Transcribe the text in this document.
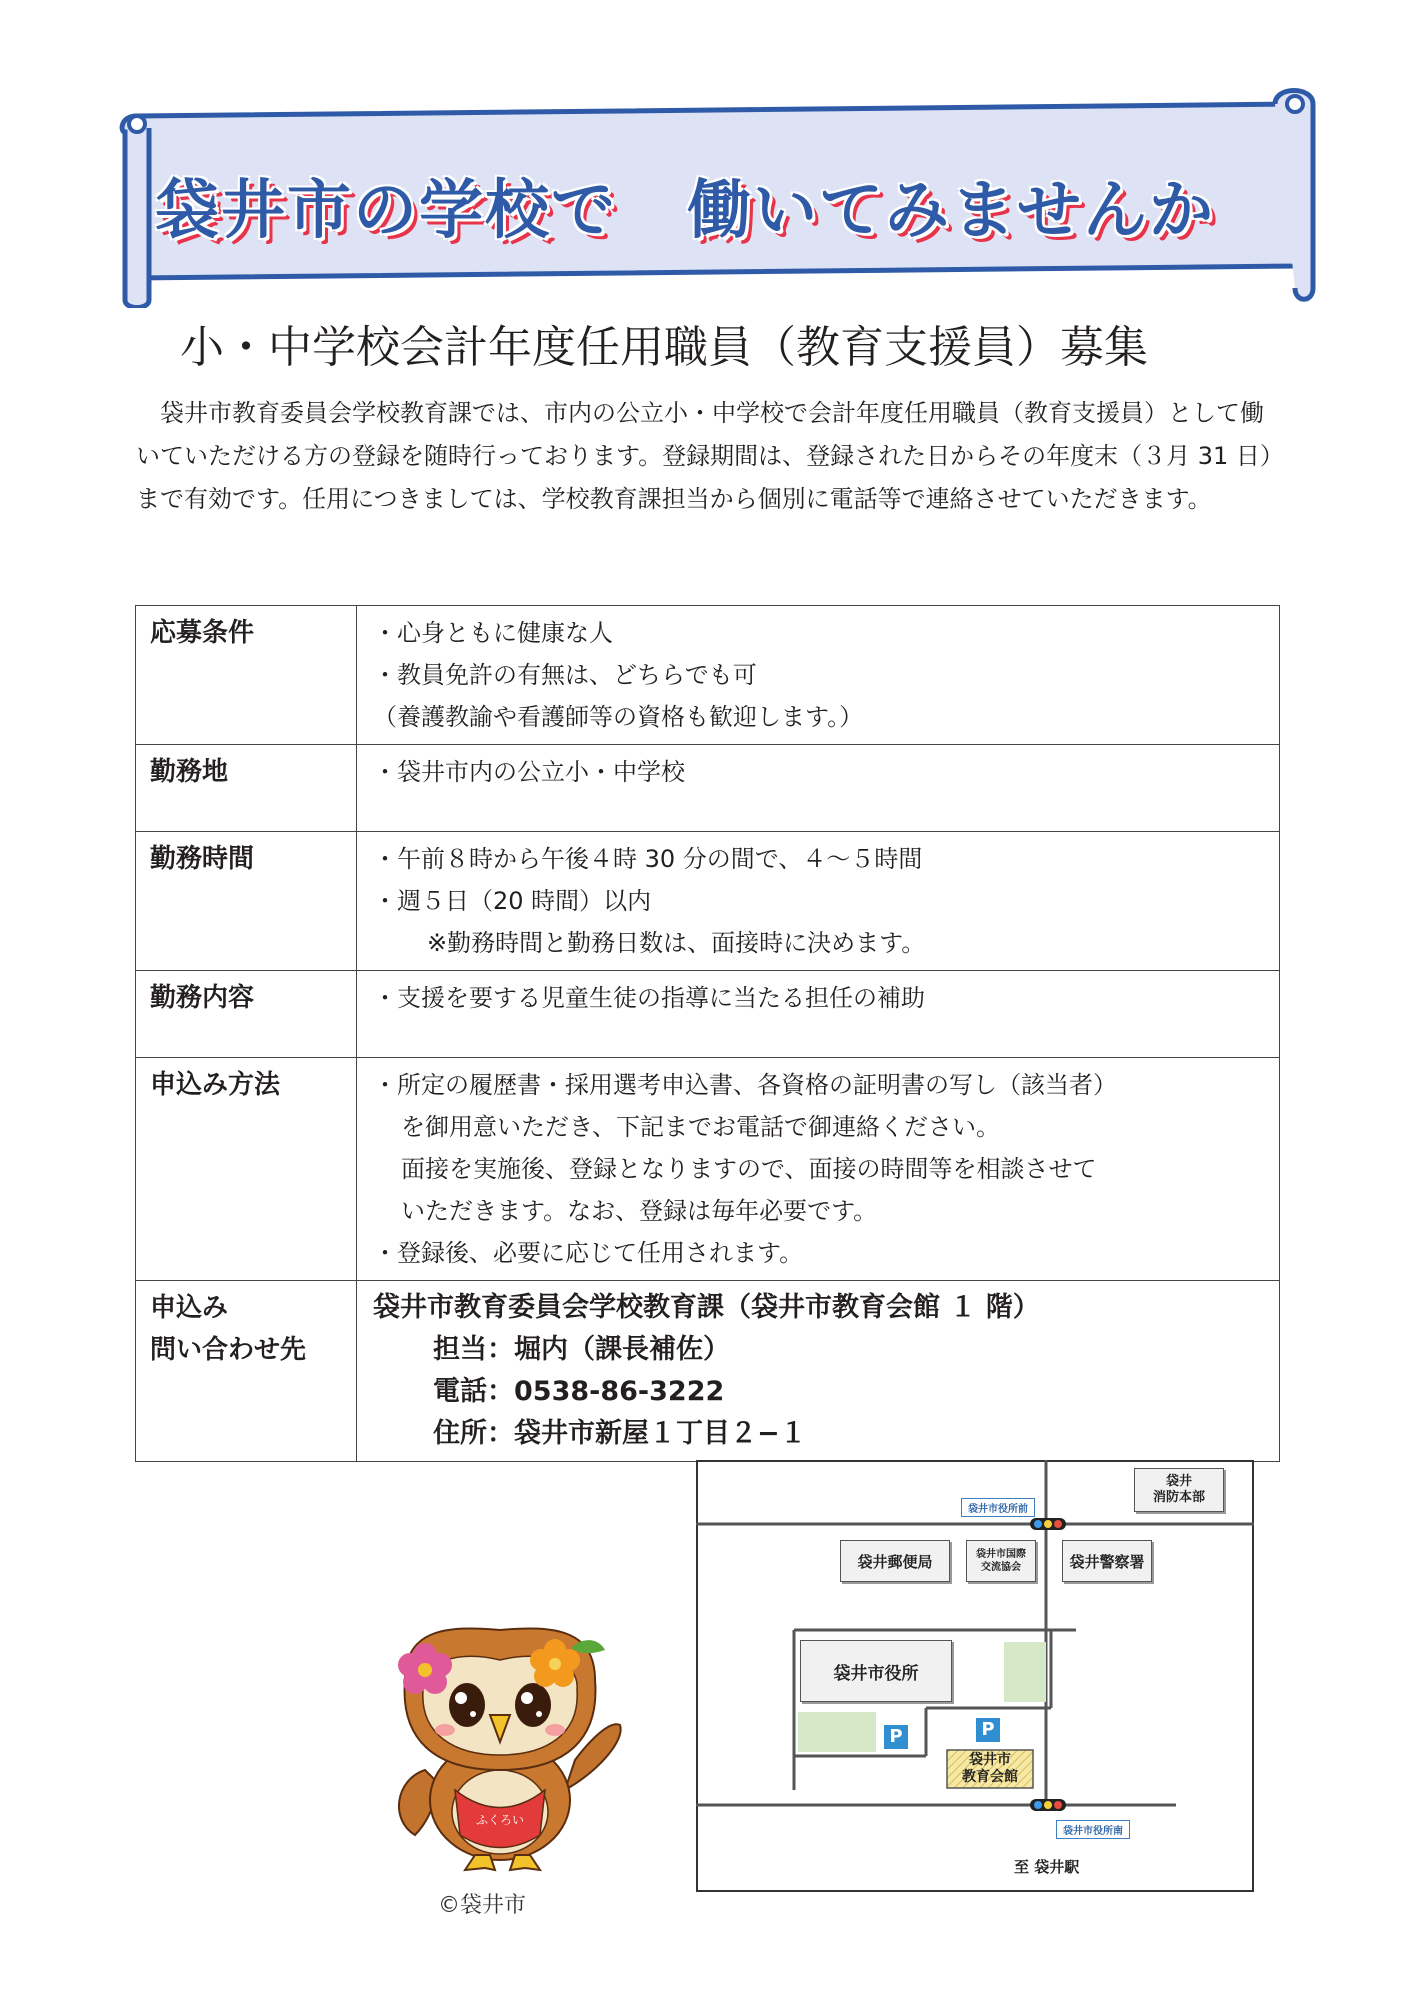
袋井市の学校で 働いてみませんか
小・中学校会計年度任用職員（教育支援員）募集
袋井市教育委員会学校教育課では、市内の公立小・中学校で会計年度任用職員（教育支援員）として働いていただける方の登録を随時行っております。登録期間は、登録された日からその年度末（３月 31 日）まで有効です。任用につきましては、学校教育課担当から個別に電話等で連絡させていただきます。
応募条件	・心身ともに健康な人
・教員免許の有無は、どちらでも可
（養護教諭や看護師等の資格も歓迎します。）

勤務地	・袋井市内の公立小・中学校

勤務時間	・午前８時から午後４時 30 分の間で、４～５時間
・週５日（20 時間）以内
※勤務時間と勤務日数は、面接時に決めます。

勤務内容	・支援を要する児童生徒の指導に当たる担任の補助

申込み方法	・所定の履歴書・採用選考申込書、各資格の証明書の写し（該当者）
を御用意いただき、下記までお電話で御連絡ください。
面接を実施後、登録となりますので、面接の時間等を相談させて
いただきます。なお、登録は毎年必要です。
・登録後、必要に応じて任用されます。

申込み
問い合わせ先	袋井市教育委員会学校教育課（袋井市教育会館 １ 階）
担当：堀内（課長補佐）
電話：0538-86-3222
住所：袋井市新屋１丁目２−１
ふくろい
©袋井市
袋井
消防本部
袋井市役所前
袋井郵便局	袋井市国際
交流協会	袋井警察署
袋井市役所
P	P
袋井市
教育会館
袋井市役所南
至 袋井駅
